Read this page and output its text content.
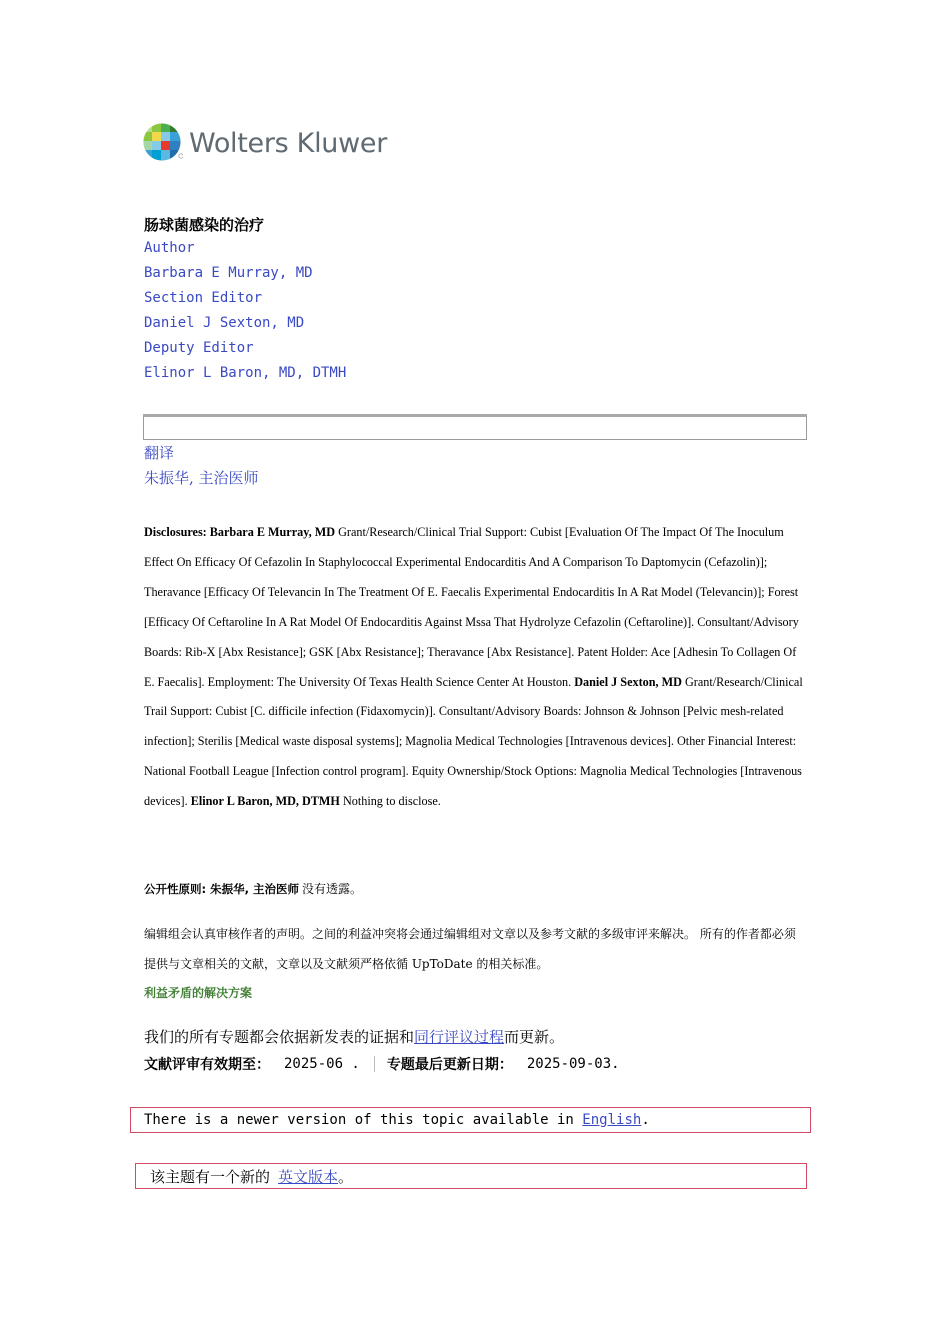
Wolters Kluwer
肠球菌感染的治疗
Author
Barbara E Murray, MD
Section Editor
Daniel J Sexton, MD
Deputy Editor
Elinor L Baron, MD, DTMH
翻译
朱振华, 主治医师
Disclosures: Barbara E Murray, MD Grant/Research/Clinical Trial Support: Cubist [Evaluation Of The Impact Of The Inoculum Effect On Efficacy Of Cefazolin In Staphylococcal Experimental Endocarditis And A Comparison To Daptomycin (Cefazolin)]; Theravance [Efficacy Of Televancin In The Treatment Of E. Faecalis Experimental Endocarditis In A Rat Model (Televancin)]; Forest [Efficacy Of Ceftaroline In A Rat Model Of Endocarditis Against Mssa That Hydrolyze Cefazolin (Ceftaroline)]. Consultant/Advisory Boards: Rib-X [Abx Resistance]; GSK [Abx Resistance]; Theravance [Abx Resistance]. Patent Holder: Ace [Adhesin To Collagen Of E. Faecalis]. Employment: The University Of Texas Health Science Center At Houston. Daniel J Sexton, MD Grant/Research/Clinical Trail Support: Cubist [C. difficile infection (Fidaxomycin)]. Consultant/Advisory Boards: Johnson & Johnson [Pelvic mesh-related infection]; Sterilis [Medical waste disposal systems]; Magnolia Medical Technologies [Intravenous devices]. Other Financial Interest: National Football League [Infection control program]. Equity Ownership/Stock Options: Magnolia Medical Technologies [Intravenous devices]. Elinor L Baron, MD, DTMH Nothing to disclose.
公开性原则: 朱振华, 主治医师 没有透露。
编辑组会认真审核作者的声明。之间的利益冲突将会通过编辑组对文章以及参考文献的多级审评来解决。 所有的作者都必须提供与文章相关的文献，文章以及文献须严格依循 UpToDate 的相关标准。
利益矛盾的解决方案
我们的所有专题都会依据新发表的证据和同行评议过程而更新。
文献评审有效期至： 2025-06 . 专题最后更新日期： 2025-09-03.
There is a newer version of this topic available in English .
该主题有一个新的 英文版本 。
